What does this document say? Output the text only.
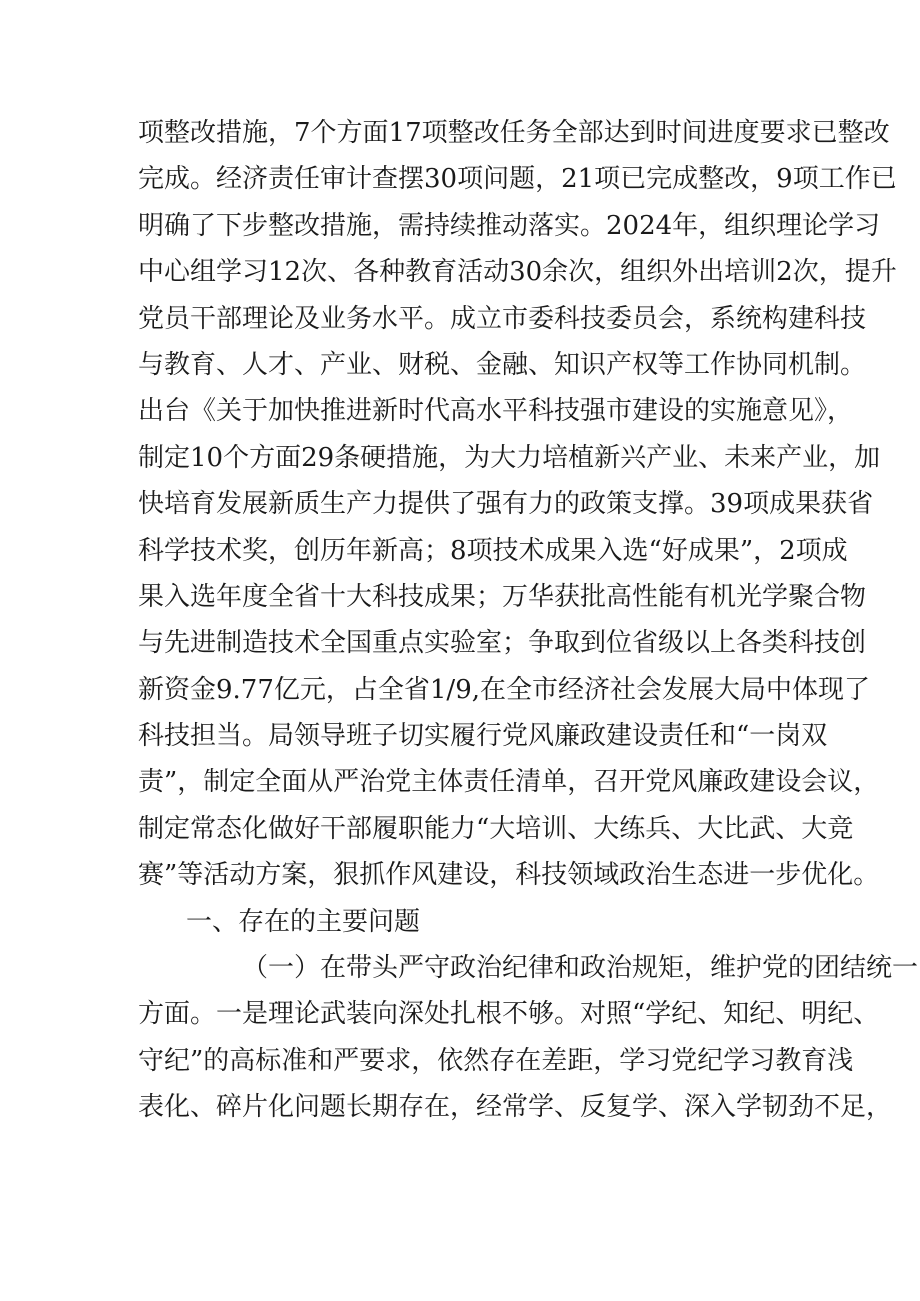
项整改措施，7个方面17项整改任务全部达到时间进度要求已整改
完成。经济责任审计查摆30项问题，21项已完成整改，9项工作已
明确了下步整改措施，需持续推动落实。2024年，组织理论学习
中心组学习12次、各种教育活动30余次，组织外出培训2次，提升
党员干部理论及业务水平。成立市委科技委员会，系统构建科技
与教育、人才、产业、财税、金融、知识产权等工作协同机制。
出台《关于加快推进新时代高水平科技强市建设的实施意见》，
制定10个方面29条硬措施，为大力培植新兴产业、未来产业，加
快培育发展新质生产力提供了强有力的政策支撑。39项成果获省
科学技术奖，创历年新高；8项技术成果入选“好成果”，2项成
果入选年度全省十大科技成果；万华获批高性能有机光学聚合物
与先进制造技术全国重点实验室；争取到位省级以上各类科技创
新资金9.77亿元，占全省1/9,在全市经济社会发展大局中体现了
科技担当。局领导班子切实履行党风廉政建设责任和“一岗双
责”，制定全面从严治党主体责任清单，召开党风廉政建设会议，
制定常态化做好干部履职能力“大培训、大练兵、大比武、大竞
赛”等活动方案，狠抓作风建设，科技领域政治生态进一步优化。
一、存在的主要问题
（一）在带头严守政治纪律和政治规矩，维护党的团结统一
方面。一是理论武装向深处扎根不够。对照“学纪、知纪、明纪、
守纪”的高标准和严要求，依然存在差距，学习党纪学习教育浅
表化、碎片化问题长期存在，经常学、反复学、深入学韧劲不足，
